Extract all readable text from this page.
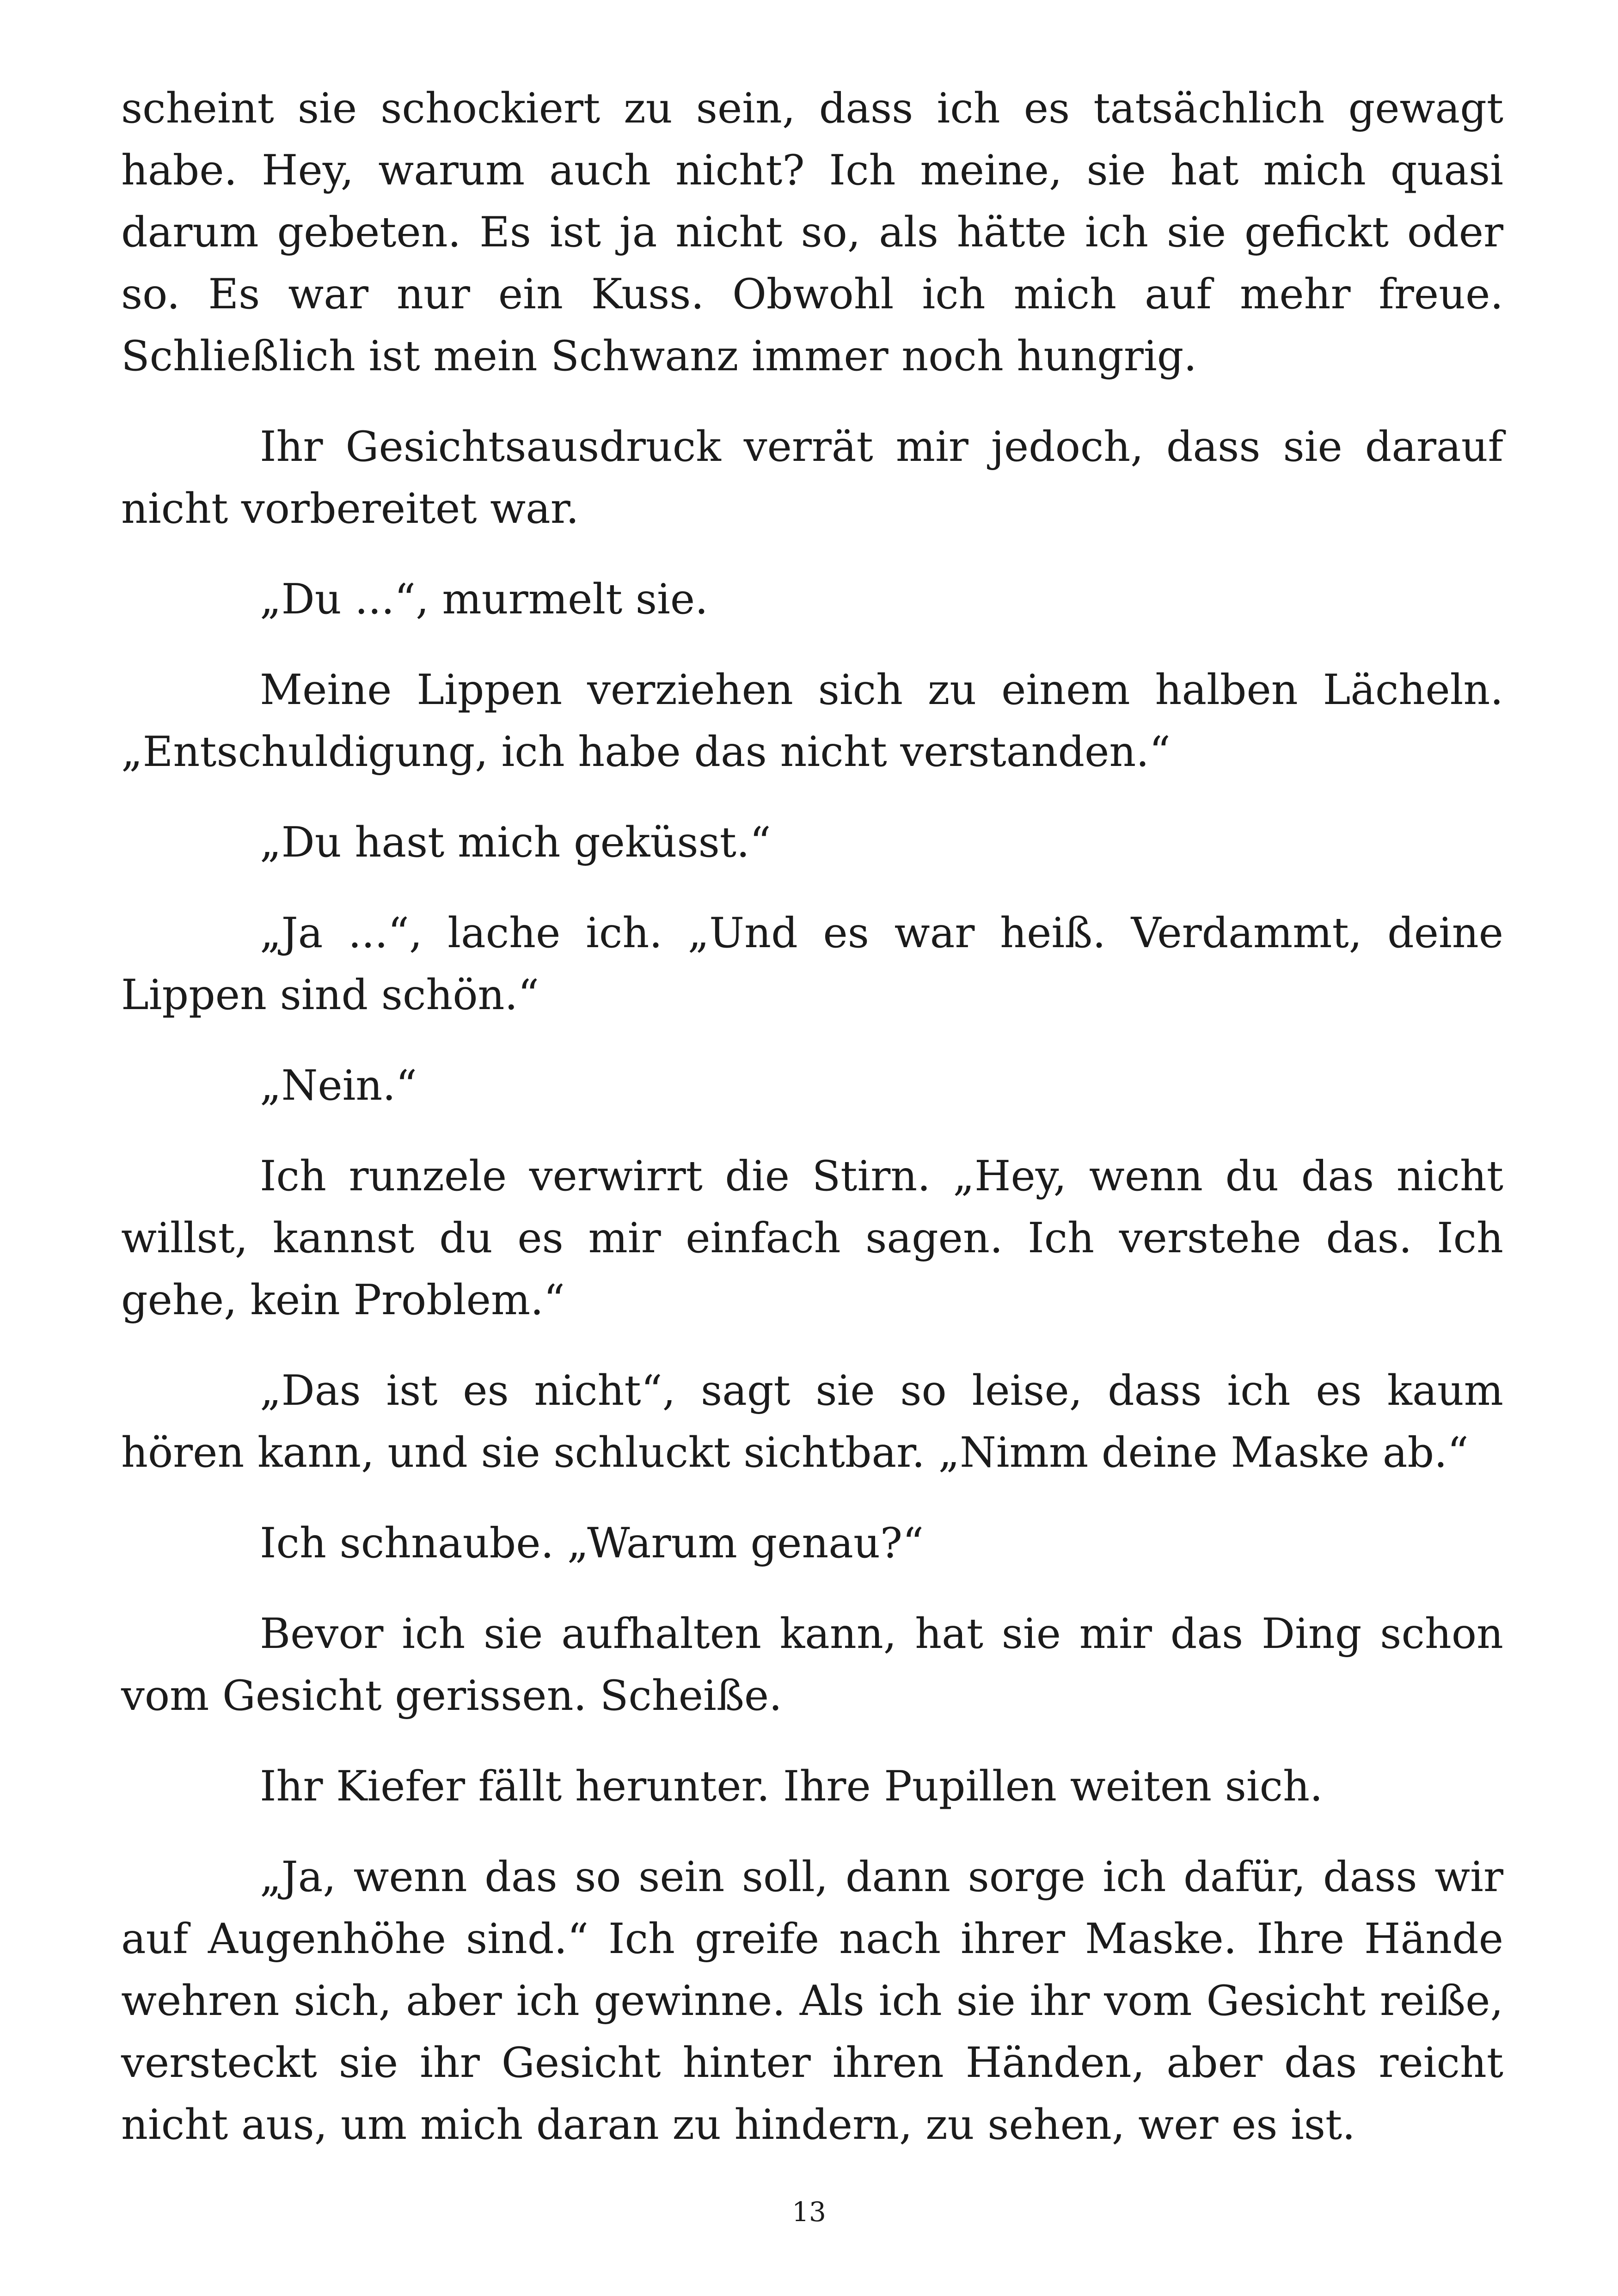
scheint sie schockiert zu sein, dass ich es tatsächlich gewagt habe. Hey, warum auch nicht? Ich meine, sie hat mich quasi darum gebeten. Es ist ja nicht so, als hätte ich sie gefickt oder so. Es war nur ein Kuss. Obwohl ich mich auf mehr freue. Schließlich ist mein Schwanz immer noch hungrig.

Ihr Gesichtsausdruck verrät mir jedoch, dass sie darauf nicht vorbereitet war.

„Du ...“, murmelt sie.

Meine Lippen verziehen sich zu einem halben Lächeln. „Entschuldigung, ich habe das nicht verstanden.“

„Du hast mich geküsst.“

„Ja ...“, lache ich. „Und es war heiß. Verdammt, deine Lippen sind schön.“

„Nein.“

Ich runzele verwirrt die Stirn. „Hey, wenn du das nicht willst, kannst du es mir einfach sagen. Ich verstehe das. Ich gehe, kein Problem.“

„Das ist es nicht“, sagt sie so leise, dass ich es kaum hören kann, und sie schluckt sichtbar. „Nimm deine Maske ab.“

Ich schnaube. „Warum genau?“

Bevor ich sie aufhalten kann, hat sie mir das Ding schon vom Gesicht gerissen. Scheiße.

Ihr Kiefer fällt herunter. Ihre Pupillen weiten sich.

„Ja, wenn das so sein soll, dann sorge ich dafür, dass wir auf Augenhöhe sind.“ Ich greife nach ihrer Maske. Ihre Hände wehren sich, aber ich gewinne. Als ich sie ihr vom Gesicht reiße, versteckt sie ihr Gesicht hinter ihren Händen, aber das reicht nicht aus, um mich daran zu hindern, zu sehen, wer es ist.

13
